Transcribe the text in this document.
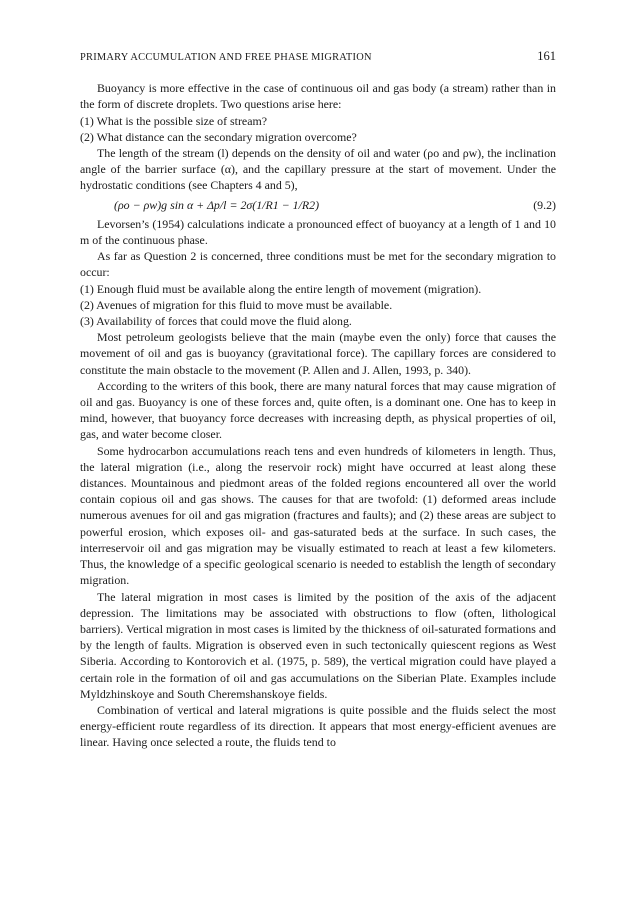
PRIMARY ACCUMULATION AND FREE PHASE MIGRATION	161

Buoyancy is more effective in the case of continuous oil and gas body (a stream) rather than in the form of discrete droplets. Two questions arise here:

(1) What is the possible size of stream?

(2) What distance can the secondary migration overcome?

The length of the stream (l) depends on the density of oil and water (ρo and ρw), the inclination angle of the barrier surface (α), and the capillary pressure at the start of movement. Under the hydrostatic conditions (see Chapters 4 and 5),

(ρo − ρw)g sin α + Δp/l = 2σ(1/R1 − 1/R2)	(9.2)

Levorsen’s (1954) calculations indicate a pronounced effect of buoyancy at a length of 1 and 10 m of the continuous phase.

As far as Question 2 is concerned, three conditions must be met for the secondary migration to occur:

(1) Enough fluid must be available along the entire length of movement (migration).

(2) Avenues of migration for this fluid to move must be available.

(3) Availability of forces that could move the fluid along.

Most petroleum geologists believe that the main (maybe even the only) force that causes the movement of oil and gas is buoyancy (gravitational force). The capillary forces are considered to constitute the main obstacle to the movement (P. Allen and J. Allen, 1993, p. 340).

According to the writers of this book, there are many natural forces that may cause migration of oil and gas. Buoyancy is one of these forces and, quite often, is a dominant one. One has to keep in mind, however, that buoyancy force decreases with increasing depth, as physical properties of oil, gas, and water become closer.

Some hydrocarbon accumulations reach tens and even hundreds of kilometers in length. Thus, the lateral migration (i.e., along the reservoir rock) might have occurred at least along these distances. Mountainous and piedmont areas of the folded regions encountered all over the world contain copious oil and gas shows. The causes for that are twofold: (1) deformed areas include numerous avenues for oil and gas migration (fractures and faults); and (2) these areas are subject to powerful erosion, which exposes oil- and gas-saturated beds at the surface. In such cases, the interreservoir oil and gas migration may be visually estimated to reach at least a few kilometers. Thus, the knowledge of a specific geological scenario is needed to establish the length of secondary migration.

The lateral migration in most cases is limited by the position of the axis of the adjacent depression. The limitations may be associated with obstructions to flow (often, lithological barriers). Vertical migration in most cases is limited by the thickness of oil-saturated formations and by the length of faults. Migration is observed even in such tectonically quiescent regions as West Siberia. According to Kontorovich et al. (1975, p. 589), the vertical migration could have played a certain role in the formation of oil and gas accumulations on the Siberian Plate. Examples include Myldzhinskoye and South Cheremshanskoye fields.

Combination of vertical and lateral migrations is quite possible and the fluids select the most energy-efficient route regardless of its direction. It appears that most energy-efficient avenues are linear. Having once selected a route, the fluids tend to
